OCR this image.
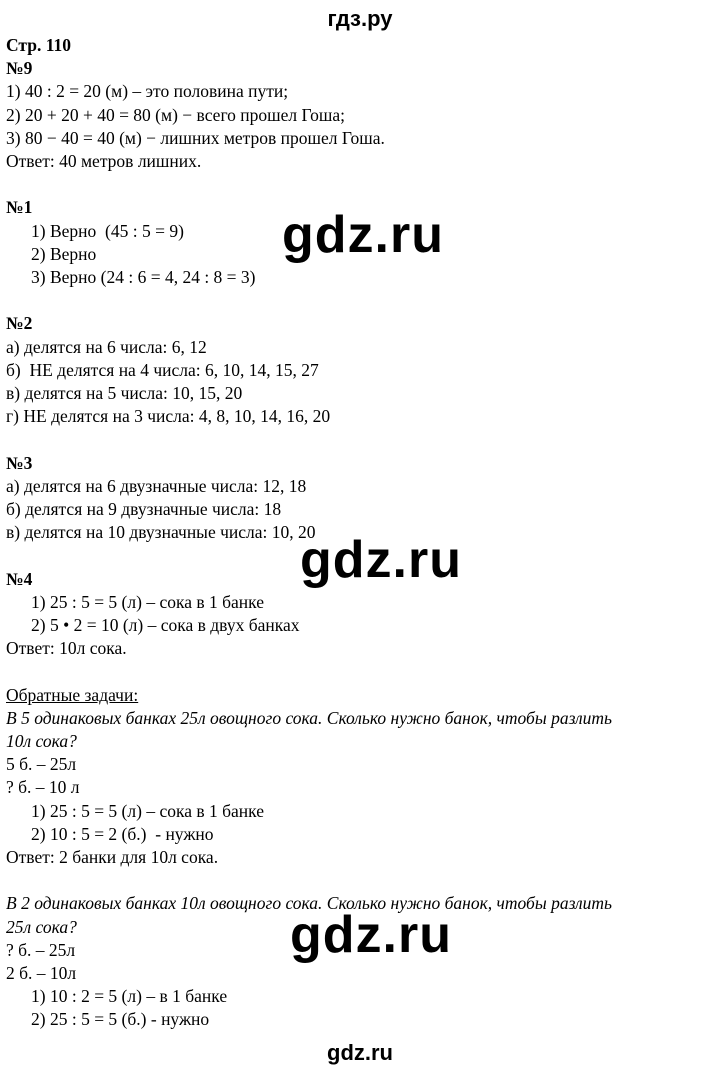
гдз.ру
Стр. 110
№9
1) 40 : 2 = 20 (м) – это половина пути;
2) 20 + 20 + 40 = 80 (м) − всего прошел Гоша;
3) 80 − 40 = 40 (м) − лишних метров прошел Гоша.
Ответ: 40 метров лишних.
№1
1) Верно  (45 : 5 = 9)
2) Верно
3) Верно (24 : 6 = 4, 24 : 8 = 3)
№2
а) делятся на 6 числа: 6, 12
б)  НЕ делятся на 4 числа: 6, 10, 14, 15, 27
в) делятся на 5 числа: 10, 15, 20
г) НЕ делятся на 3 числа: 4, 8, 10, 14, 16, 20
№3
а) делятся на 6 двузначные числа: 12, 18
б) делятся на 9 двузначные числа: 18
в) делятся на 10 двузначные числа: 10, 20
№4
1) 25 : 5 = 5 (л) – сока в 1 банке
2) 5 • 2 = 10 (л) – сока в двух банках
Ответ: 10л сока.
Обратные задачи:
В 5 одинаковых банках 25л овощного сока. Сколько нужно банок, чтобы разлить
10л сока?
5 б. – 25л
? б. – 10 л
1) 25 : 5 = 5 (л) – сока в 1 банке
2) 10 : 5 = 2 (б.)  - нужно
Ответ: 2 банки для 10л сока.
В 2 одинаковых банках 10л овощного сока. Сколько нужно банок, чтобы разлить
25л сока?
? б. – 25л
2 б. – 10л
1) 10 : 2 = 5 (л) – в 1 банке
2) 25 : 5 = 5 (б.) - нужно
gdz.ru
gdz.ru
gdz.ru
gdz.ru
